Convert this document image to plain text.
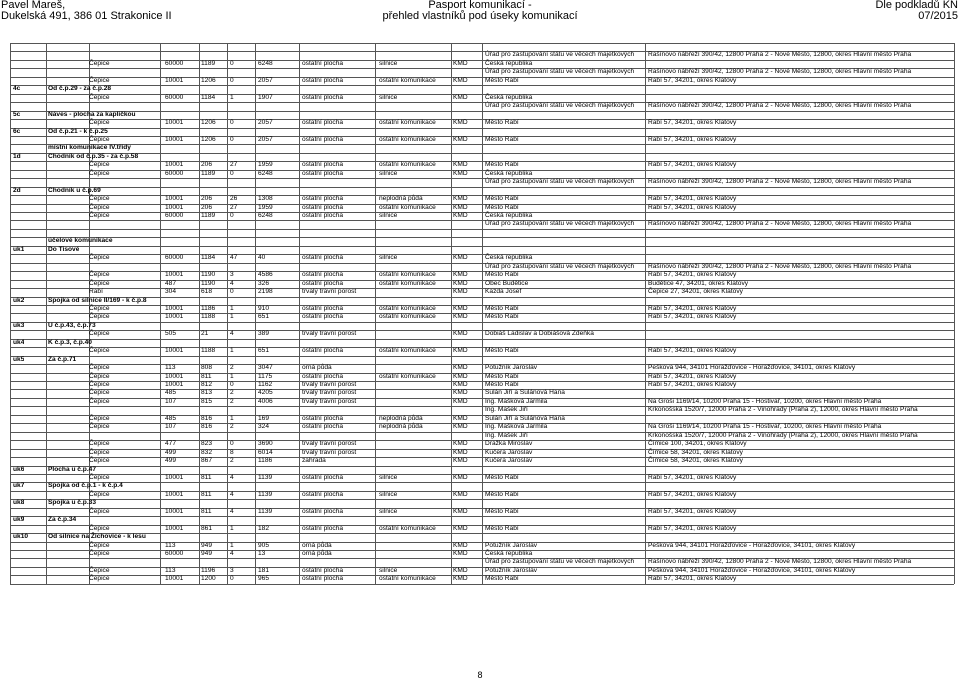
Pavel Mareš,
Dukelská 491, 386 01 Strakonice II
Pasport komunikací -
přehled vlastníků pod úseky komunikací
Dle podkladů KN
07/2015
Úřad pro zastupování státu ve věcech majetkových	Rašínovo nábřeží 390/42, 12800 Praha 2 - Nové Město, 12800, okres Hlavní město Praha
Čepice	60000	1189	0	6248	ostatní plocha	silnice	KMD	Česká republika
Úřad pro zastupování státu ve věcech majetkových	Rašínovo nábřeží 390/42, 12800 Praha 2 - Nové Město, 12800, okres Hlavní město Praha
Čepice	10001	1206	0	2057	ostatní plocha	ostatní komunikace	KMD	Město Rabí	Rabí 57, 34201, okres Klatovy
4c	Od č.p.29 - za č.p.28
Čepice	60000	1184	1	1907	ostatní plocha	silnice	KMD	Česká republika
Úřad pro zastupování státu ve věcech majetkových	Rašínovo nábřeží 390/42, 12800 Praha 2 - Nové Město, 12800, okres Hlavní město Praha
5c	Náves - plocha za kapličkou
Čepice	10001	1206	0	2057	ostatní plocha	ostatní komunikace	KMD	Město Rabí	Rabí 57, 34201, okres Klatovy
6c	Od č.p.21 - k č.p.25
Čepice	10001	1206	0	2057	ostatní plocha	ostatní komunikace	KMD	Město Rabí	Rabí 57, 34201, okres Klatovy
místní komunikace IV.třídy
1d	Chodník od č.p.35 - za č.p.58
Čepice	10001	206	27	1959	ostatní plocha	ostatní komunikace	KMD	Město Rabí	Rabí 57, 34201, okres Klatovy
Čepice	60000	1189	0	6248	ostatní plocha	silnice	KMD	Česká republika
Úřad pro zastupování státu ve věcech majetkových	Rašínovo nábřeží 390/42, 12800 Praha 2 - Nové Město, 12800, okres Hlavní město Praha
2d	Chodník u č.p.69
Čepice	10001	206	26	1308	ostatní plocha	neplodná půda	KMD	Město Rabí	Rabí 57, 34201, okres Klatovy
Čepice	10001	206	27	1959	ostatní plocha	ostatní komunikace	KMD	Město Rabí	Rabí 57, 34201, okres Klatovy
Čepice	60000	1189	0	6248	ostatní plocha	silnice	KMD	Česká republika
Úřad pro zastupování státu ve věcech majetkových	Rašínovo nábřeží 390/42, 12800 Praha 2 - Nové Město, 12800, okres Hlavní město Praha
účelové komunikace
uk1	Do Tisové
Čepice	60000	1184	47	40	ostatní plocha	silnice	KMD	Česká republika
Úřad pro zastupování státu ve věcech majetkových	Rašínovo nábřeží 390/42, 12800 Praha 2 - Nové Město, 12800, okres Hlavní město Praha
Čepice	10001	1190	3	4586	ostatní plocha	ostatní komunikace	KMD	Město Rabí	Rabí 57, 34201, okres Klatovy
Čepice	487	1190	4	326	ostatní plocha	ostatní komunikace	KMD	Obec Budětice	Budětice 47, 34201, okres Klatovy
Rabí	304	618	0	2198	trvalý travní porost	KMD	Kazda Josef	Čepice 27, 34201, okres Klatovy
uk2	Spojka od silnice II/169 - k č.p.8
Čepice	10001	1186	1	910	ostatní plocha	ostatní komunikace	KMD	Město Rabí	Rabí 57, 34201, okres Klatovy
Čepice	10001	1188	1	651	ostatní plocha	ostatní komunikace	KMD	Město Rabí	Rabí 57, 34201, okres Klatovy
uk3	U č.p.43, č.p.73
Čepice	505	21	4	389	trvalý travní porost	KMD	Dobiáš Ladislav a Dobiášová Zdeňka
uk4	K č.p.3, č.p.40
Čepice	10001	1188	1	651	ostatní plocha	ostatní komunikace	KMD	Město Rabí	Rabí 57, 34201, okres Klatovy
uk5	Za č.p.71
Čepice	113	808	2	3047	orná půda	KMD	Potužník Jaroslav	Peškova 944, 34101 Horažďovice - Horažďovice, 34101, okres Klatovy
Čepice	10001	811	1	1175	ostatní plocha	ostatní komunikace	KMD	Město Rabí	Rabí 57, 34201, okres Klatovy
Čepice	10001	812	0	1162	trvalý travní porost	KMD	Město Rabí	Rabí 57, 34201, okres Klatovy
Čepice	485	813	2	4205	trvalý travní porost	KMD	Sulán Jiří a Sulánová Hana
Čepice	107	815	2	4006	trvalý travní porost	KMD	Ing. Mašková Jarmila	Na Groši 1169/14, 10200 Praha 15 - Hostivař, 10200, okres Hlavní město Praha
Ing. Mašek Jiří	Krkonošská 1520/7, 12000 Praha 2 - Vinohrady (Praha 2), 12000, okres Hlavní město Praha
Čepice	485	816	1	169	ostatní plocha	neplodná půda	KMD	Sulán Jiří a Sulánová Hana
Čepice	107	816	2	324	ostatní plocha	neplodná půda	KMD	Ing. Mašková Jarmila	Na Groši 1169/14, 10200 Praha 15 - Hostivař, 10200, okres Hlavní město Praha
Ing. Mašek Jiří	Krkonošská 1520/7, 12000 Praha 2 - Vinohrady (Praha 2), 12000, okres Hlavní město Praha
Čepice	477	823	0	3690	trvalý travní porost	KMD	Dražka Miroslav	Čímice 100, 34201, okres Klatovy
Čepice	499	832	8	6014	trvalý travní porost	KMD	Kučera Jaroslav	Čímice 58, 34201, okres Klatovy
Čepice	499	867	2	1186	zahrada	KMD	Kučera Jaroslav	Čímice 58, 34201, okres Klatovy
uk6	Plocha u č.p.47
Čepice	10001	811	4	1139	ostatní plocha	silnice	KMD	Město Rabí	Rabí 57, 34201, okres Klatovy
uk7	Spojka od č.p.1 - k č.p.4
Čepice	10001	811	4	1139	ostatní plocha	silnice	KMD	Město Rabí	Rabí 57, 34201, okres Klatovy
uk8	Spojka u č.p.33
Čepice	10001	811	4	1139	ostatní plocha	silnice	KMD	Město Rabí	Rabí 57, 34201, okres Klatovy
uk9	Za č.p.34
Čepice	10001	861	1	182	ostatní plocha	ostatní komunikace	KMD	Město Rabí	Rabí 57, 34201, okres Klatovy
uk10	Od silnice na Žichovice - k lesu
Čepice	113	949	1	905	orná půda	KMD	Potužník Jaroslav	Peškova 944, 34101 Horažďovice - Horažďovice, 34101, okres Klatovy
Čepice	60000	949	4	13	orná půda	KMD	Česká republika
Úřad pro zastupování státu ve věcech majetkových	Rašínovo nábřeží 390/42, 12800 Praha 2 - Nové Město, 12800, okres Hlavní město Praha
Čepice	113	1196	3	181	ostatní plocha	silnice	KMD	Potužník Jaroslav	Peškova 944, 34101 Horažďovice - Horažďovice, 34101, okres Klatovy
Čepice	10001	1200	0	965	ostatní plocha	ostatní komunikace	KMD	Město Rabí	Rabí 57, 34201, okres Klatovy
8
